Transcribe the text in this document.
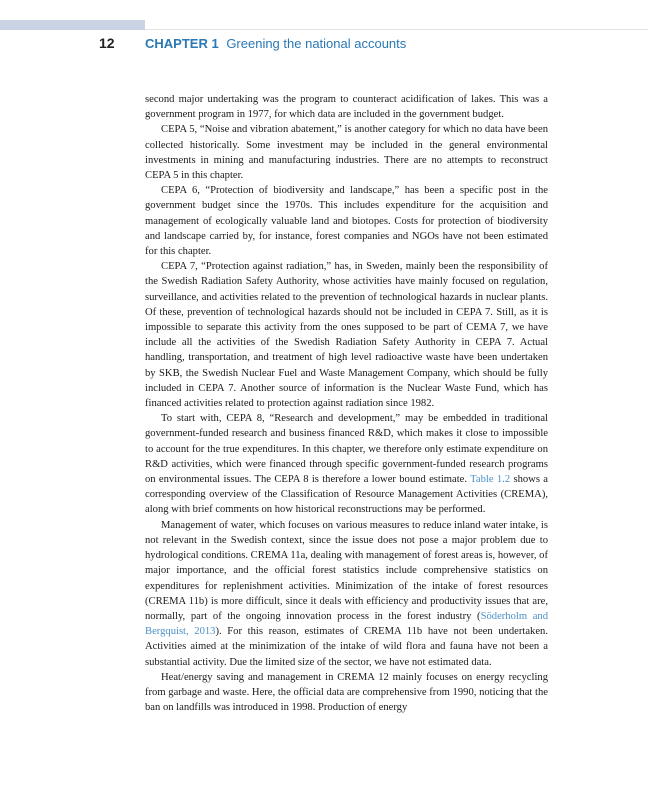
12 CHAPTER 1 Greening the national accounts

second major undertaking was the program to counteract acidification of lakes. This was a government program in 1977, for which data are included in the government budget.

CEPA 5, “Noise and vibration abatement,” is another category for which no data have been collected historically. Some investment may be included in the general environmental investments in mining and manufacturing industries. There are no attempts to reconstruct CEPA 5 in this chapter.

CEPA 6, “Protection of biodiversity and landscape,” has been a specific post in the government budget since the 1970s. This includes expenditure for the acquisition and management of ecologically valuable land and biotopes. Costs for protection of biodiversity and landscape carried by, for instance, forest companies and NGOs have not been estimated for this chapter.

CEPA 7, “Protection against radiation,” has, in Sweden, mainly been the responsibility of the Swedish Radiation Safety Authority, whose activities have mainly focused on regulation, surveillance, and activities related to the prevention of technological hazards in nuclear plants. Of these, prevention of technological hazards should not be included in CEPA 7. Still, as it is impossible to separate this activity from the ones supposed to be part of CEMA 7, we have include all the activities of the Swedish Radiation Safety Authority in CEPA 7. Actual handling, transportation, and treatment of high level radioactive waste have been undertaken by SKB, the Swedish Nuclear Fuel and Waste Management Company, which should be fully included in CEPA 7. Another source of information is the Nuclear Waste Fund, which has financed activities related to protection against radiation since 1982.

To start with, CEPA 8, “Research and development,” may be embedded in traditional government-funded research and business financed R&D, which makes it close to impossible to account for the true expenditures. In this chapter, we therefore only estimate expenditure on R&D activities, which were financed through specific government-funded research programs on environmental issues. The CEPA 8 is therefore a lower bound estimate. Table 1.2 shows a corresponding overview of the Classification of Resource Management Activities (CREMA), along with brief comments on how historical reconstructions may be performed.

Management of water, which focuses on various measures to reduce inland water intake, is not relevant in the Swedish context, since the issue does not pose a major problem due to hydrological conditions. CREMA 11a, dealing with management of forest areas is, however, of major importance, and the official forest statistics include comprehensive statistics on expenditures for replenishment activities. Minimization of the intake of forest resources (CREMA 11b) is more difficult, since it deals with efficiency and productivity issues that are, normally, part of the ongoing innovation process in the forest industry (Söderholm and Bergquist, 2013). For this reason, estimates of CREMA 11b have not been undertaken. Activities aimed at the minimization of the intake of wild flora and fauna have not been a substantial activity. Due the limited size of the sector, we have not estimated data.

Heat/energy saving and management in CREMA 12 mainly focuses on energy recycling from garbage and waste. Here, the official data are comprehensive from 1990, noticing that the ban on landfills was introduced in 1998. Production of energy
